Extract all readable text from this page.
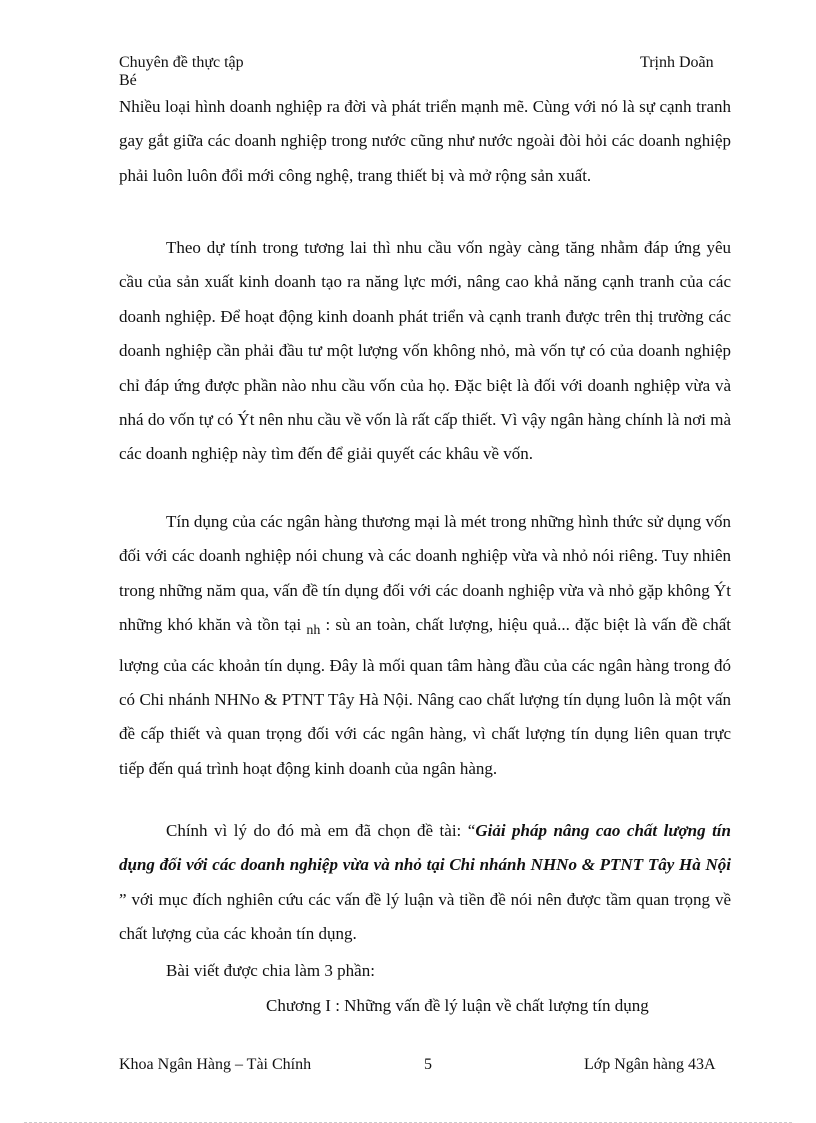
Chuyên đề thực tập
Bé
Trịnh Doãn

Nhiều loại hình doanh nghiệp ra đời và phát triển mạnh mẽ. Cùng với nó là sự cạnh tranh gay gắt giữa các doanh nghiệp trong nước cũng như nước ngoài đòi hỏi các doanh nghiệp phải luôn luôn đổi mới công nghệ, trang thiết bị và mở rộng sản xuất.

Theo dự tính trong tương lai thì nhu cầu vốn ngày càng tăng nhằm đáp ứng yêu cầu của sản xuất kinh doanh tạo ra năng lực mới, nâng cao khả năng cạnh tranh của các doanh nghiệp. Để hoạt động kinh doanh phát triển và cạnh tranh được trên thị trường các doanh nghiệp cần phải đầu tư một lượng vốn không nhỏ, mà vốn tự có của doanh nghiệp chỉ đáp ứng được phần nào nhu cầu vốn của họ. Đặc biệt là đối với doanh nghiệp vừa và nhá do vốn tự có Ýt nên nhu cầu về vốn là rất cấp thiết. Vì vậy ngân hàng chính là nơi mà các doanh nghiệp này tìm đến để giải quyết các khâu về vốn.

Tín dụng của các ngân hàng thương mại là mét trong những hình thức sử dụng vốn đối với các doanh nghiệp nói chung và các doanh nghiệp vừa và nhỏ nói riêng. Tuy nhiên trong những năm qua, vấn đề tín dụng đối với các doanh nghiệp vừa và nhỏ gặp không Ýt những khó khăn và tồn tại $_{nh}$ : sù an toàn, chất lượng, hiệu quả... đặc biệt là vấn đề chất lượng của các khoản tín dụng. Đây là mối quan tâm hàng đầu của các ngân hàng trong đó có Chi nhánh NHNo & PTNT Tây Hà Nội. Nâng cao chất lượng tín dụng luôn là một vấn đề cấp thiết và quan trọng đối với các ngân hàng, vì chất lượng tín dụng liên quan trực tiếp đến quá trình hoạt động kinh doanh của ngân hàng.

Chính vì lý do đó mà em đã chọn đề tài: “Giải pháp nâng cao chất lượng tín dụng đối với các doanh nghiệp vừa và nhỏ tại Chi nhánh NHNo & PTNT Tây Hà Nội ” với mục đích nghiên cứu các vấn đề lý luận và tiền đề nói nên được tầm quan trọng về chất lượng của các khoản tín dụng.

Bài viết được chia làm 3 phần:

Chương I : Những vấn đề lý luận về chất lượng tín dụng

Khoa Ngân Hàng – Tài Chính	5	Lớp Ngân hàng 43A
